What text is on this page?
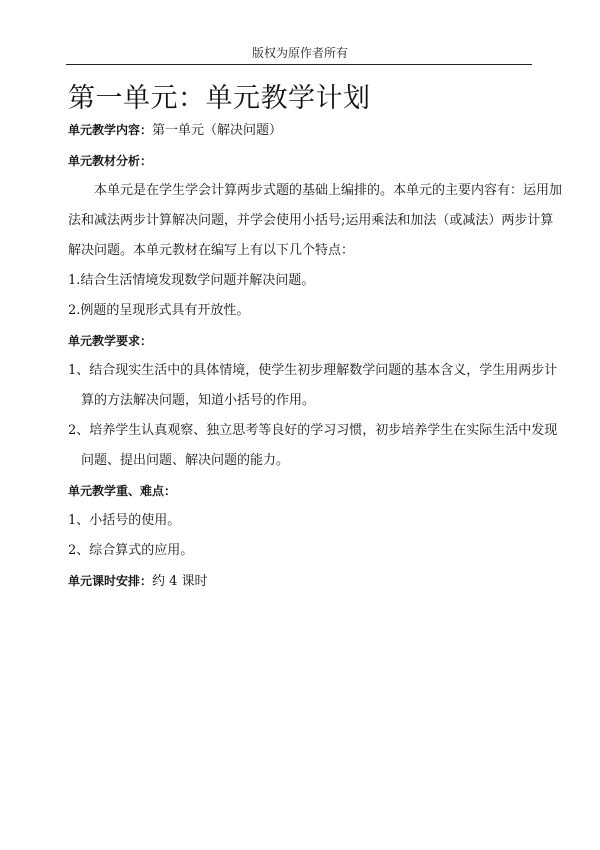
版权为原作者所有
第一单元：单元教学计划

单元教学内容：第一单元（解决问题）

单元教材分析：

本单元是在学生学会计算两步式题的基础上编排的。本单元的主要内容有：运用加

法和减法两步计算解决问题，并学会使用小括号;运用乘法和加法（或减法）两步计算

解决问题。本单元教材在编写上有以下几个特点：

1.结合生活情境发现数学问题并解决问题。

2.例题的呈现形式具有开放性。

单元教学要求：

1、结合现实生活中的具体情境，使学生初步理解数学问题的基本含义，学生用两步计

算的方法解决问题，知道小括号的作用。

2、培养学生认真观察、独立思考等良好的学习习惯，初步培养学生在实际生活中发现

问题、提出问题、解决问题的能力。

单元教学重、难点：

1、小括号的使用。

2、综合算式的应用。

单元课时安排：约 4 课时
